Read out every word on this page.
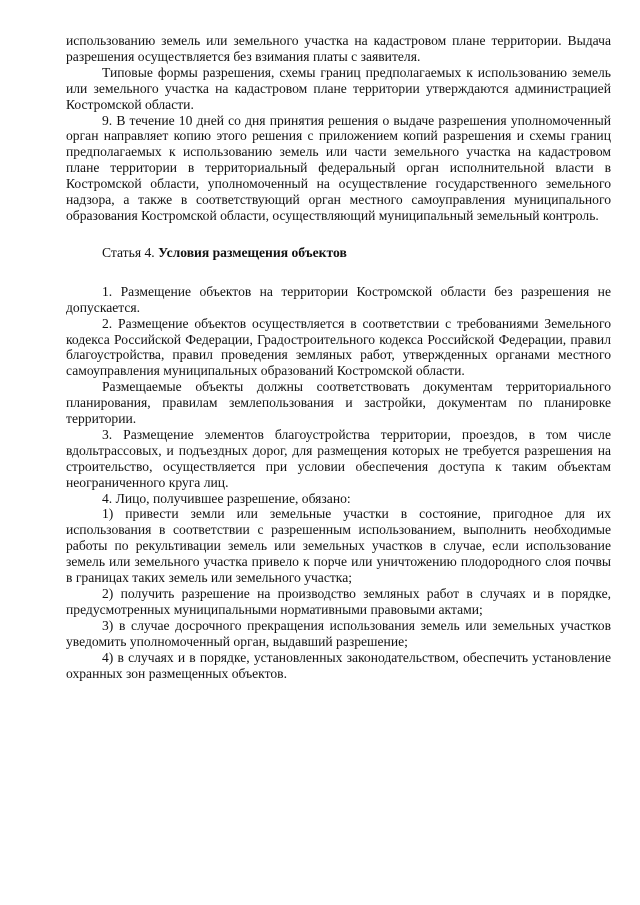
использованию земель или земельного участка на кадастровом плане территории. Выдача разрешения осуществляется без взимания платы с заявителя.

Типовые формы разрешения, схемы границ предполагаемых к использованию земель или земельного участка на кадастровом плане территории утверждаются администрацией Костромской области.

9. В течение 10 дней со дня принятия решения о выдаче разрешения уполномоченный орган направляет копию этого решения с приложением копий разрешения и схемы границ предполагаемых к использованию земель или части земельного участка на кадастровом плане территории в территориальный федеральный орган исполнительной власти в Костромской области, уполномоченный на осуществление государственного земельного надзора, а также в соответствующий орган местного самоуправления муниципального образования Костромской области, осуществляющий муниципальный земельный контроль.

Статья 4. Условия размещения объектов

1. Размещение объектов на территории Костромской области без разрешения не допускается.

2. Размещение объектов осуществляется в соответствии с требованиями Земельного кодекса Российской Федерации, Градостроительного кодекса Российской Федерации, правил благоустройства, правил проведения земляных работ, утвержденных органами местного самоуправления муниципальных образований Костромской области.

Размещаемые объекты должны соответствовать документам территориального планирования, правилам землепользования и застройки, документам по планировке территории.

3. Размещение элементов благоустройства территории, проездов, в том числе вдольтрассовых, и подъездных дорог, для размещения которых не требуется разрешения на строительство, осуществляется при условии обеспечения доступа к таким объектам неограниченного круга лиц.

4. Лицо, получившее разрешение, обязано:

1) привести земли или земельные участки в состояние, пригодное для их использования в соответствии с разрешенным использованием, выполнить необходимые работы по рекультивации земель или земельных участков в случае, если использование земель или земельного участка привело к порче или уничтожению плодородного слоя почвы в границах таких земель или земельного участка;

2) получить разрешение на производство земляных работ в случаях и в порядке, предусмотренных муниципальными нормативными правовыми актами;

3) в случае досрочного прекращения использования земель или земельных участков уведомить уполномоченный орган, выдавший разрешение;

4) в случаях и в порядке, установленных законодательством, обеспечить установление охранных зон размещенных объектов.
